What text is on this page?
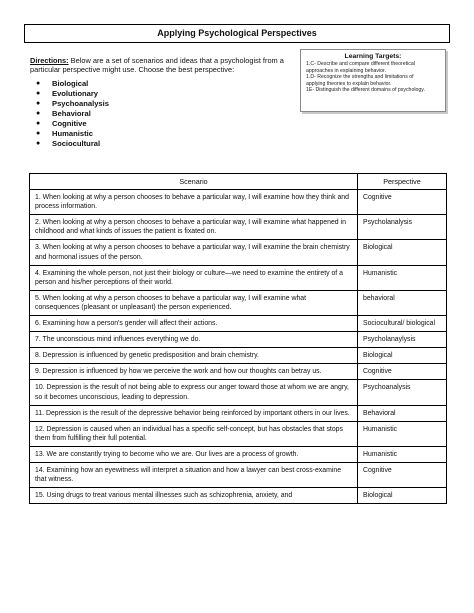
Applying Psychological Perspectives

Directions: Below are a set of scenarios and ideas that a psychologist from a particular perspective might use. Choose the best perspective:

●	Biological
●	Evolutionary
●	Psychoanalysis
●	Behavioral
●	Cognitive
●	Humanistic
●	Sociocultural
Learning Targets:
1.C- Describe and compare different theoretical
approaches in explaining behavior.
1.D- Recognize the strengths and limitations of
applying theories to explain behavior.
1E- Distinguish the different domains of psychology.
Scenario	Perspective
1. When looking at why a person chooses to behave a particular way, I will examine how they think and process information.	Cognitive
2. When looking at why a person chooses to behave a particular way, I will examine what happened in childhood and what kinds of issues the patient is fixated on.	Psycholanalysis
3. When looking at why a person chooses to behave a particular way, I will examine the brain chemistry and hormonal issues of the person.	Biological
4. Examining the whole person, not just their biology or culture—we need to examine the entirety of a person and his/her perceptions of their world.	Humanistic
5. When looking at why a person chooses to behave a particular way, I will examine what consequences (pleasant or unpleasant) the person experienced.	behavioral
6. Examining how a person's gender will affect their actions.	Sociocultural/ biological
7. The unconscious mind influences everything we do.	Psycholanaylysis
8. Depression is influenced by genetic predisposition and brain chemistry.	Biological
9. Depression is influenced by how we perceive the work and how our thoughts can betray us.	Cognitive
10. Depression is the result of not being able to express our anger toward those at whom we are angry, so it becomes unconscious, leading to depression.	Psychoanalysis
11. Depression is the result of the depressive behavior being reinforced by important others in our lives.	Behavioral
12. Depression is caused when an individual has a specific self-concept, but has obstacles that stops them from fulfilling their full potential.	Humanistic
13. We are constantly trying to become who we are. Our lives are a process of growth.	Humanistic
14. Examining how an eyewitness will interpret a situation and how a lawyer can best cross-examine that witness.	Cognitive
15. Using drugs to treat various mental illnesses such as schizophrenia, anxiety, and	Biological
